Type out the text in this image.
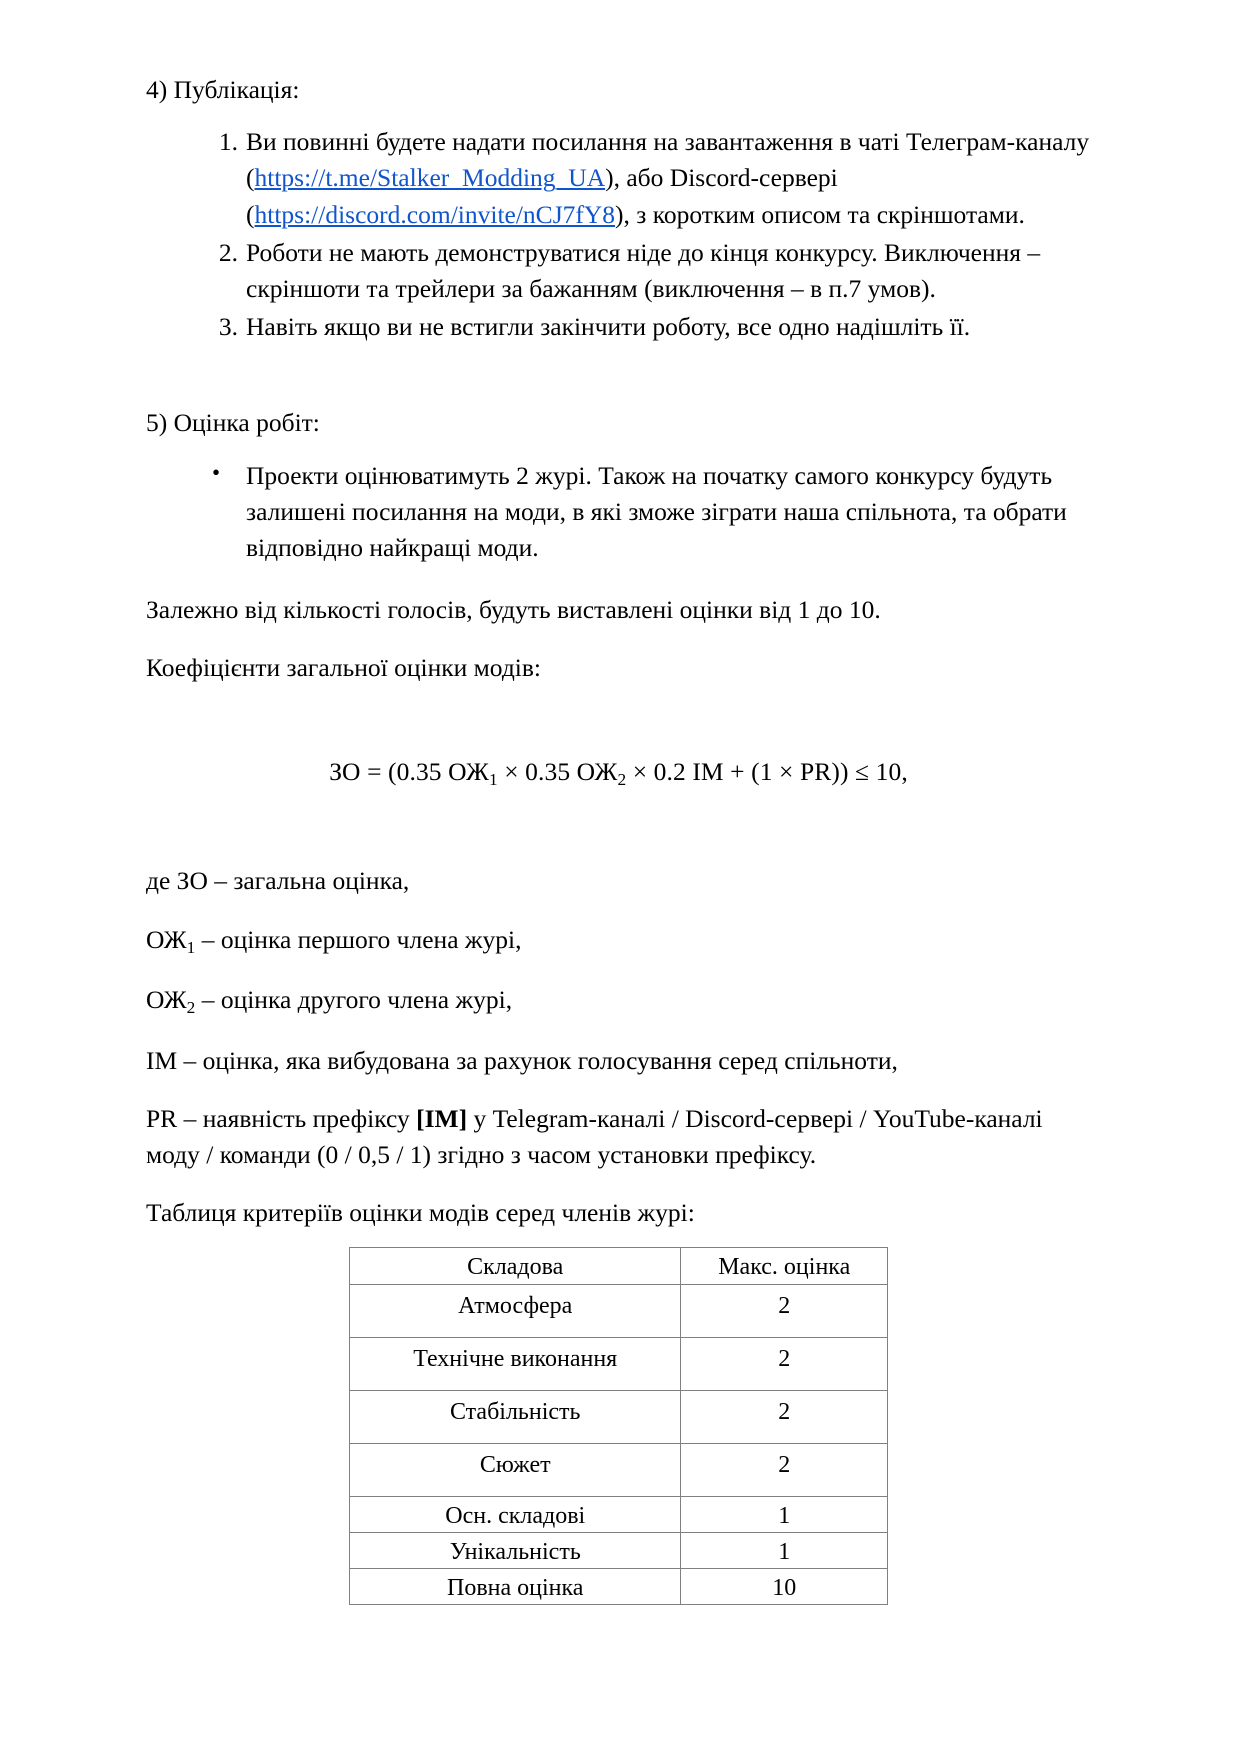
4) Публікація:

Ви повинні будете надати посилання на завантаження в чаті Телеграм-каналу (https://t.me/Stalker_Modding_UA), або Discord-сервері (https://discord.com/invite/nCJ7fY8), з коротким описом та скріншотами.
Роботи не мають демонструватися ніде до кінця конкурсу. Виключення – скріншоти та трейлери за бажанням (виключення – в п.7 умов).
Навіть якщо ви не встигли закінчити роботу, все одно надішліть її.

5) Оцінка робіт:

• Проекти оцінюватимуть 2 журі. Також на початку самого конкурсу будуть залишені посилання на моди, в які зможе зіграти наша спільнота, та обрати відповідно найкращі моди.

Залежно від кількості голосів, будуть виставлені оцінки від 1 до 10.

Коефіцієнти загальної оцінки модів:

ЗО = (0.35 $ОЖ_1 \times 0.35$ $ОЖ_2 \times 0.2$ ІМ + (1 × PR)) ≤ 10,

де ЗО – загальна оцінка,

$ОЖ_1$ – оцінка першого члена журі,

$ОЖ_2$ – оцінка другого члена журі,

ІМ – оцінка, яка вибудована за рахунок голосування серед спільноти,

PR – наявність префіксу [ІМ] у Telegram-каналі / Discord-сервері / YouTube-каналі моду / команди (0 / 0,5 / 1) згідно з часом установки префіксу.

Таблиця критеріїв оцінки модів серед членів журі:

Складова	Макс. оцінка
Атмосфера	2
Технічне виконання	2
Стабільність	2
Сюжет	2
Осн. складові	1
Унікальність	1
Повна оцінка	10
